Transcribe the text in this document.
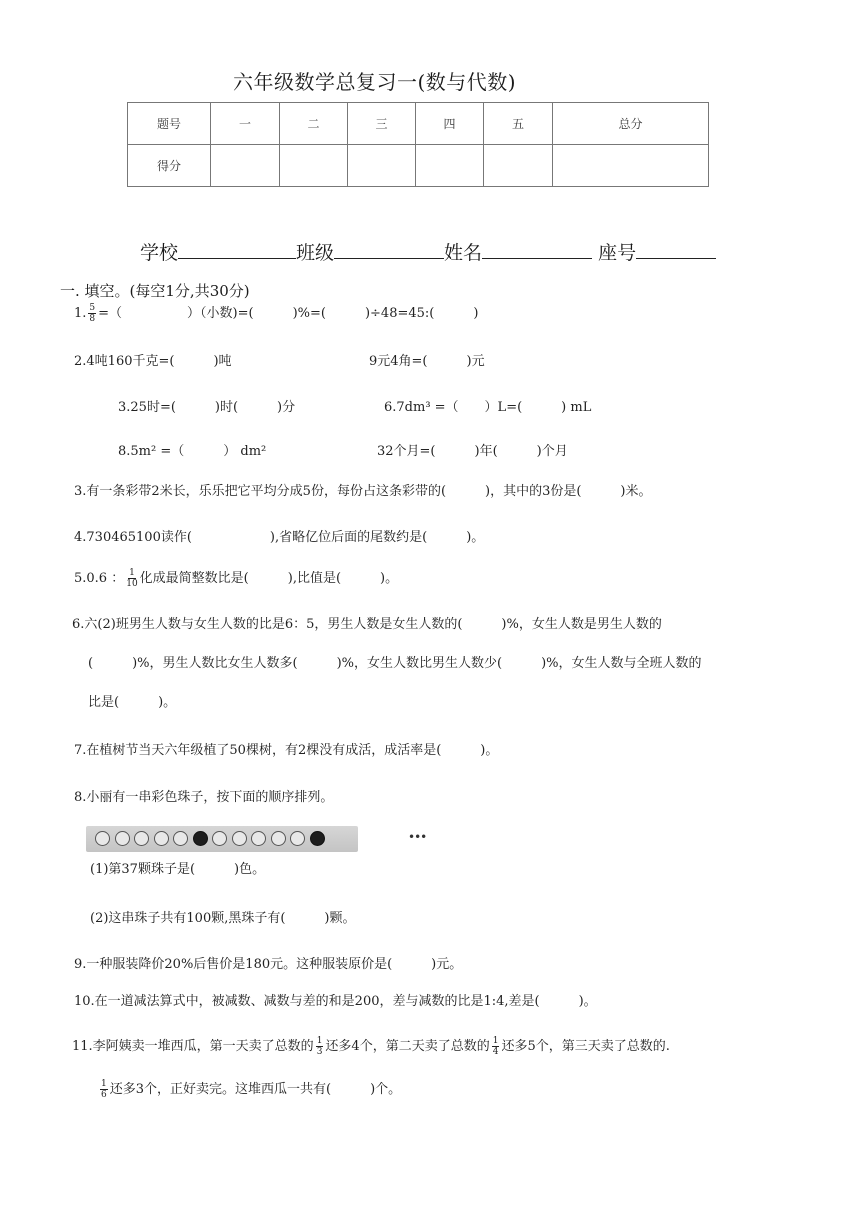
六年级数学总复习一(数与代数)
题号	一	二	三	四	五	总分
得分						
学校	班级	姓名	座号
一. 填空。(每空1分,共30分)
1. $\frac{5}{8}$ =（　　　　　）（小数)=(　　　)%=(　　　)÷48=45:(　　　)
2.4吨160千克=(　　　)吨	9元4角=(　　　)元
3.25时=(　　　)时(　　　)分	6.7dm³ =（　　）L=(　　　) mL
8.5m² =（　　　） dm²	32个月=(　　　)年(　　　)个月
3.有一条彩带2米长，乐乐把它平均分成5份，每份占这条彩带的(　　　)，其中的3份是(　　　)米。
4.730465100读作(　　　　　　),省略亿位后面的尾数约是(　　　)。
5.0.6 ： $\frac{1}{10}$ 化成最简整数比是(　　　),比值是(　　　)。
6.六(2)班男生人数与女生人数的比是6：5，男生人数是女生人数的(　　　)%，女生人数是男生人数的
(　　　)%，男生人数比女生人数多(　　　)%，女生人数比男生人数少(　　　)%，女生人数与全班人数的
比是(　　　)。
7.在植树节当天六年级植了50棵树，有2棵没有成活，成活率是(　　　)。
8.小丽有一串彩色珠子，按下面的顺序排列。
•••
(1)第37颗珠子是(　　　)色。
(2)这串珠子共有100颗,黑珠子有(　　　)颗。
9.一种服装降价20%后售价是180元。这种服装原价是(　　　)元。
10.在一道减法算式中，被减数、减数与差的和是200，差与减数的比是1:4,差是(　　　)。
11.李阿姨卖一堆西瓜，第一天卖了总数的 $\frac{1}{3}$ 还多4个，第二天卖了总数的 $\frac{1}{4}$ 还多5个，第三天卖了总数的.
$\frac{1}{6}$ 还多3个，正好卖完。这堆西瓜一共有(　　　)个。
